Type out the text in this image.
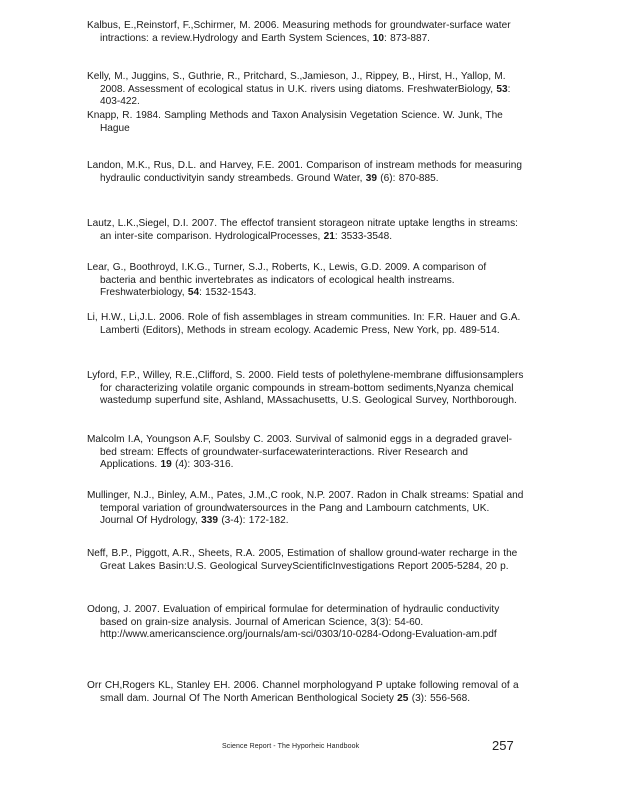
Kalbus, E.,Reinstorf, F.,Schirmer, M. 2006. Measuring methods for groundwater-surface water intractions: a review.Hydrology and Earth System Sciences, 10: 873-887.

Kelly, M., Juggins, S., Guthrie, R., Pritchard, S.,Jamieson, J., Rippey, B., Hirst, H., Yallop, M. 2008. Assessment of ecological status in U.K. rivers using diatoms. FreshwaterBiology, 53: 403-422.

Knapp, R. 1984. Sampling Methods and Taxon Analysisin Vegetation Science. W. Junk, The Hague

Landon, M.K., Rus, D.L. and Harvey, F.E. 2001. Comparison of instream methods for measuring hydraulic conductivityin sandy streambeds. Ground Water, 39 (6): 870-885.

Lautz, L.K.,Siegel, D.I. 2007. The effectof transient storageon nitrate uptake lengths in streams: an inter-site comparison. HydrologicalProcesses, 21: 3533-3548.

Lear, G., Boothroyd, I.K.G., Turner, S.J., Roberts, K., Lewis, G.D. 2009. A comparison of bacteria and benthic invertebrates as indicators of ecological health instreams. Freshwaterbiology, 54: 1532-1543.

Li, H.W., Li,J.L. 2006. Role of fish assemblages in stream communities. In: F.R. Hauer and G.A. Lamberti (Editors), Methods in stream ecology. Academic Press, New York, pp. 489-514.

Lyford, F.P., Willey, R.E.,Clifford, S. 2000. Field tests of polethylene-membrane diffusionsamplers for characterizing volatile organic compounds in stream-bottom sediments,Nyanza chemical wastedump superfund site, Ashland, MAssachusetts, U.S. Geological Survey, Northborough.

Malcolm I.A, Youngson A.F, Soulsby C. 2003. Survival of salmonid eggs in a degraded gravel-bed stream: Effects of groundwater-surfacewaterinteractions. River Research and Applications. 19 (4): 303-316.

Mullinger, N.J., Binley, A.M., Pates, J.M.,C rook, N.P. 2007. Radon in Chalk streams: Spatial and temporal variation of groundwatersources in the Pang and Lambourn catchments, UK. Journal Of Hydrology, 339 (3-4): 172-182.

Neff, B.P., Piggott, A.R., Sheets, R.A. 2005, Estimation of shallow ground-water recharge in the Great Lakes Basin:U.S. Geological SurveyScientificInvestigations Report 2005-5284, 20 p.

Odong, J. 2007. Evaluation of empirical formulae for determination of hydraulic conductivity based on grain-size analysis. Journal of American Science, 3(3): 54-60. http://www.americanscience.org/journals/am-sci/0303/10-0284-Odong-Evaluation-am.pdf

Orr CH,Rogers KL, Stanley EH. 2006. Channel morphologyand P uptake following removal of a small dam. Journal Of The North American Benthological Society 25 (3): 556-568.

Science Report - The Hyporheic Handbook	257
